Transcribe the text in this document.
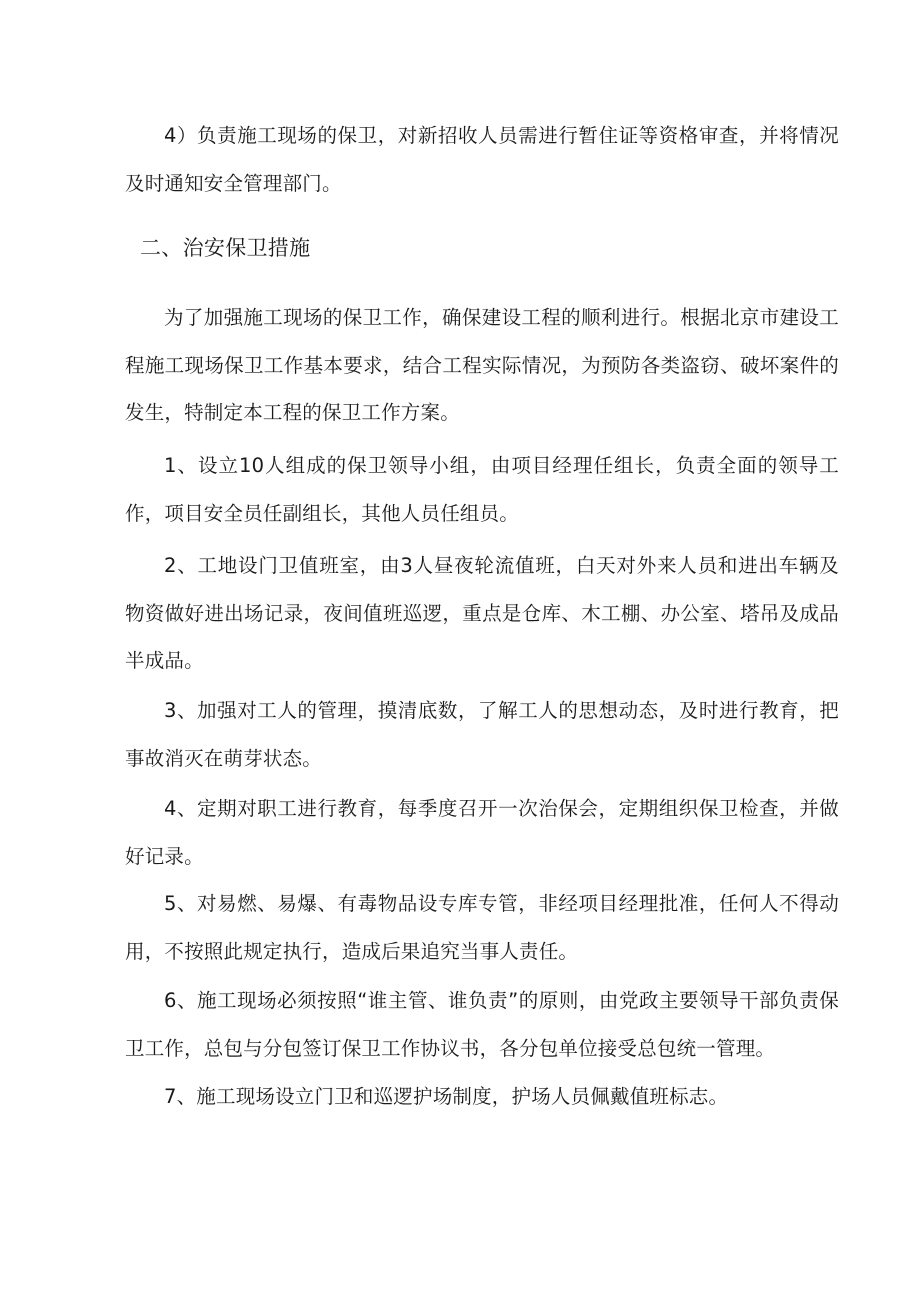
4）负责施工现场的保卫，对新招收人员需进行暂住证等资格审查，并将情况及时通知安全管理部门。

二、治安保卫措施

为了加强施工现场的保卫工作，确保建设工程的顺利进行。根据北京市建设工程施工现场保卫工作基本要求，结合工程实际情况，为预防各类盗窃、破坏案件的发生，特制定本工程的保卫工作方案。

1、设立10人组成的保卫领导小组，由项目经理任组长，负责全面的领导工作，项目安全员任副组长，其他人员任组员。

2、工地设门卫值班室，由3人昼夜轮流值班，白天对外来人员和进出车辆及物资做好进出场记录，夜间值班巡逻，重点是仓库、木工棚、办公室、塔吊及成品半成品。

3、加强对工人的管理，摸清底数，了解工人的思想动态，及时进行教育，把事故消灭在萌芽状态。

4、定期对职工进行教育，每季度召开一次治保会，定期组织保卫检查，并做好记录。

5、对易燃、易爆、有毒物品设专库专管，非经项目经理批准，任何人不得动用，不按照此规定执行，造成后果追究当事人责任。

6、施工现场必须按照“谁主管、谁负责”的原则，由党政主要领导干部负责保卫工作，总包与分包签订保卫工作协议书，各分包单位接受总包统一管理。

7、施工现场设立门卫和巡逻护场制度，护场人员佩戴值班标志。
